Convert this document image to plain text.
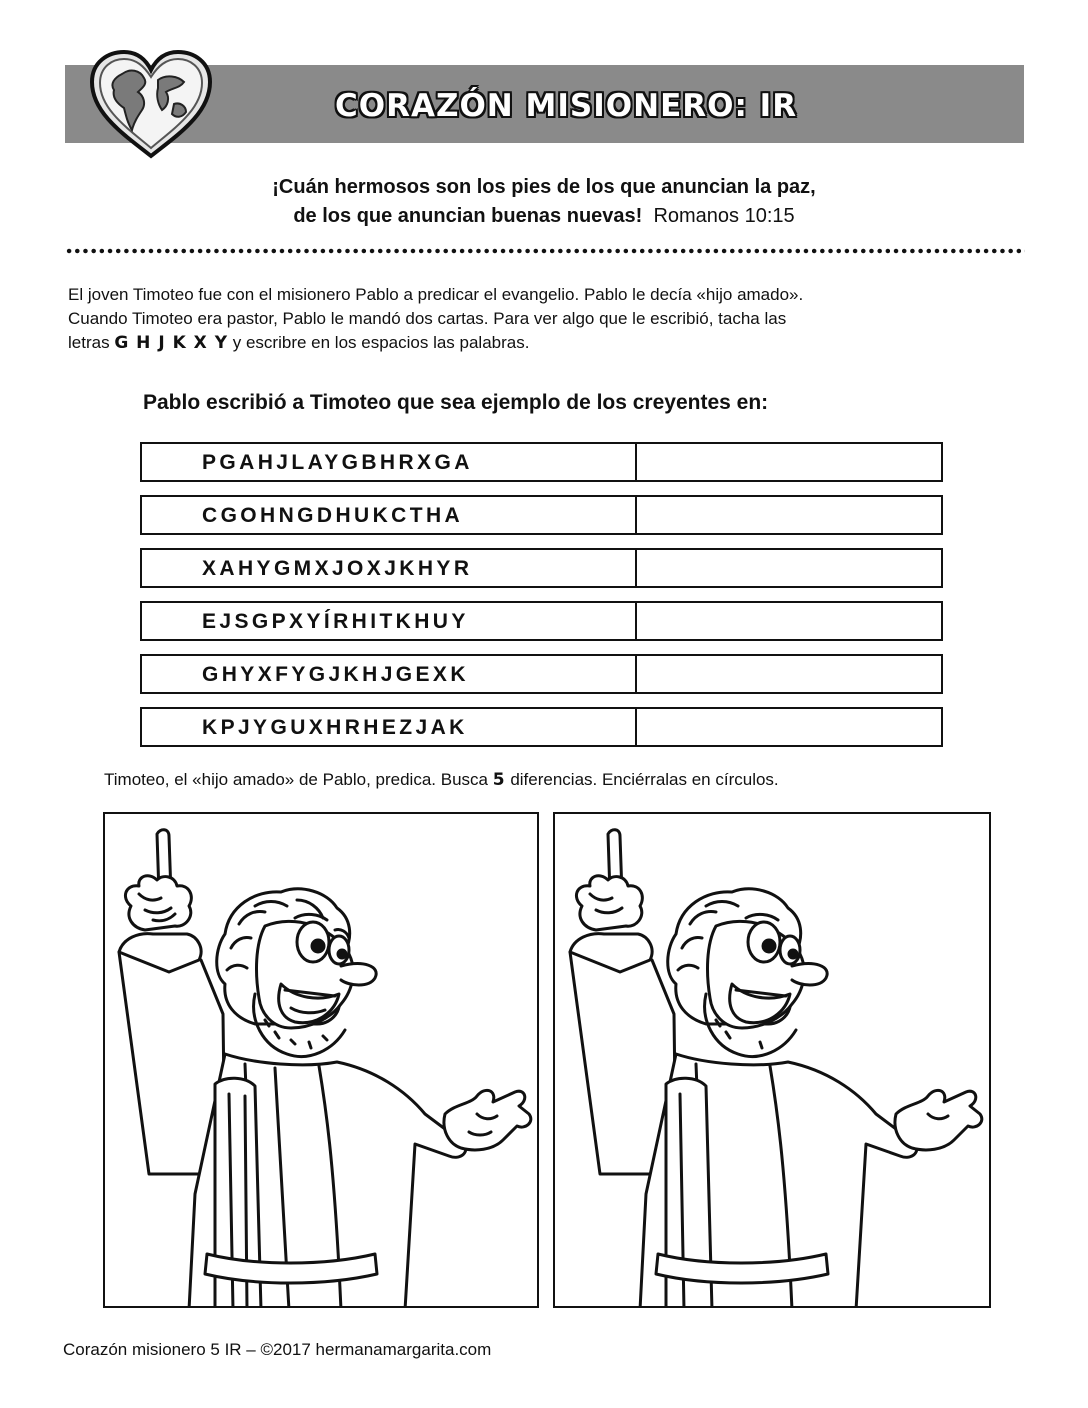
CORAZÓN MISIONERO: IR
¡Cuán hermosos son los pies de los que anuncian la paz,
de los que anuncian buenas nuevas! Romanos 10:15
El joven Timoteo fue con el misionero Pablo a predicar el evangelio. Pablo le decía «hijo amado».
Cuando Timoteo era pastor, Pablo le mandó dos cartas. Para ver algo que le escribió, tacha las
letras G H J K X Y y escribre en los espacios las palabras.
Pablo escribió a Timoteo que sea ejemplo de los creyentes en:
PGAHJLAYGBHRXGA
CGOHNGDHUKCTHA
XAHYGMXJOXJKHYR
EJSGPXYÍRHITKHUY
GHYXFYGJKHJGEXK
KPJYGUXHRHEZJAK
Timoteo, el «hijo amado» de Pablo, predica. Busca 5 diferencias. Enciérralas en círculos.
Corazón misionero 5 IR – ©2017 hermanamargarita.com
